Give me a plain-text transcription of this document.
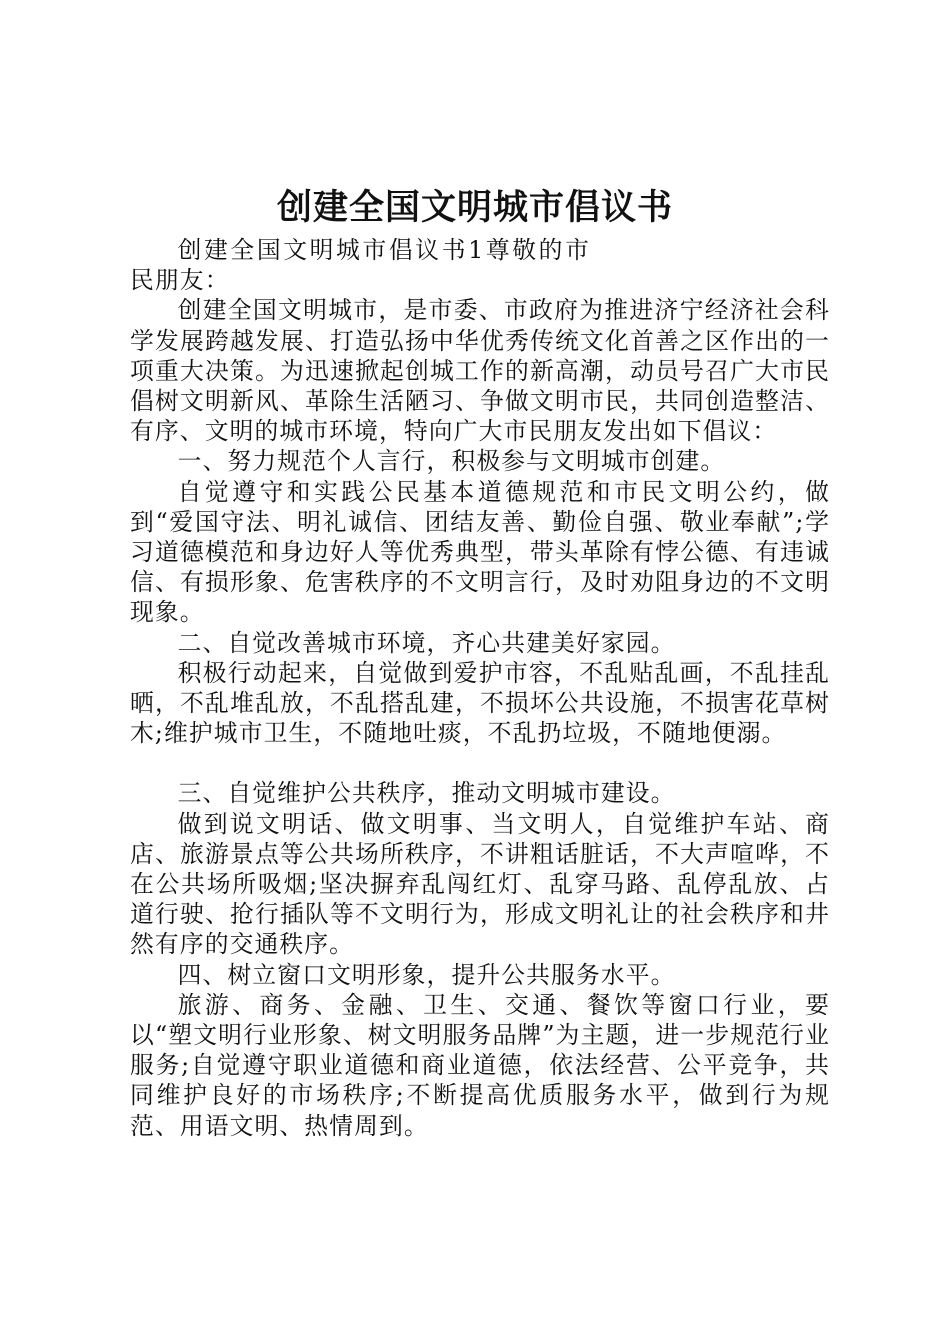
创建全国文明城市倡议书

创建全国文明城市倡议书1尊敬的市民朋友：

创建全国文明城市，是市委、市政府为推进济宁经济社会科学发展跨越发展、打造弘扬中华优秀传统文化首善之区作出的一项重大决策。为迅速掀起创城工作的新高潮，动员号召广大市民倡树文明新风、革除生活陋习、争做文明市民，共同创造整洁、有序、文明的城市环境，特向广大市民朋友发出如下倡议：

一、努力规范个人言行，积极参与文明城市创建。

自觉遵守和实践公民基本道德规范和市民文明公约，做到“爱国守法、明礼诚信、团结友善、勤俭自强、敬业奉献”;学习道德模范和身边好人等优秀典型，带头革除有悖公德、有违诚信、有损形象、危害秩序的不文明言行，及时劝阻身边的不文明现象。

二、自觉改善城市环境，齐心共建美好家园。

积极行动起来，自觉做到爱护市容，不乱贴乱画，不乱挂乱晒，不乱堆乱放，不乱搭乱建，不损坏公共设施，不损害花草树木;维护城市卫生，不随地吐痰，不乱扔垃圾，不随地便溺。

三、自觉维护公共秩序，推动文明城市建设。

做到说文明话、做文明事、当文明人，自觉维护车站、商店、旅游景点等公共场所秩序，不讲粗话脏话，不大声喧哗，不在公共场所吸烟;坚决摒弃乱闯红灯、乱穿马路、乱停乱放、占道行驶、抢行插队等不文明行为，形成文明礼让的社会秩序和井然有序的交通秩序。

四、树立窗口文明形象，提升公共服务水平。

旅游、商务、金融、卫生、交通、餐饮等窗口行业，要以“塑文明行业形象、树文明服务品牌”为主题，进一步规范行业服务;自觉遵守职业道德和商业道德，依法经营、公平竞争，共同维护良好的市场秩序;不断提高优质服务水平，做到行为规范、用语文明、热情周到。
